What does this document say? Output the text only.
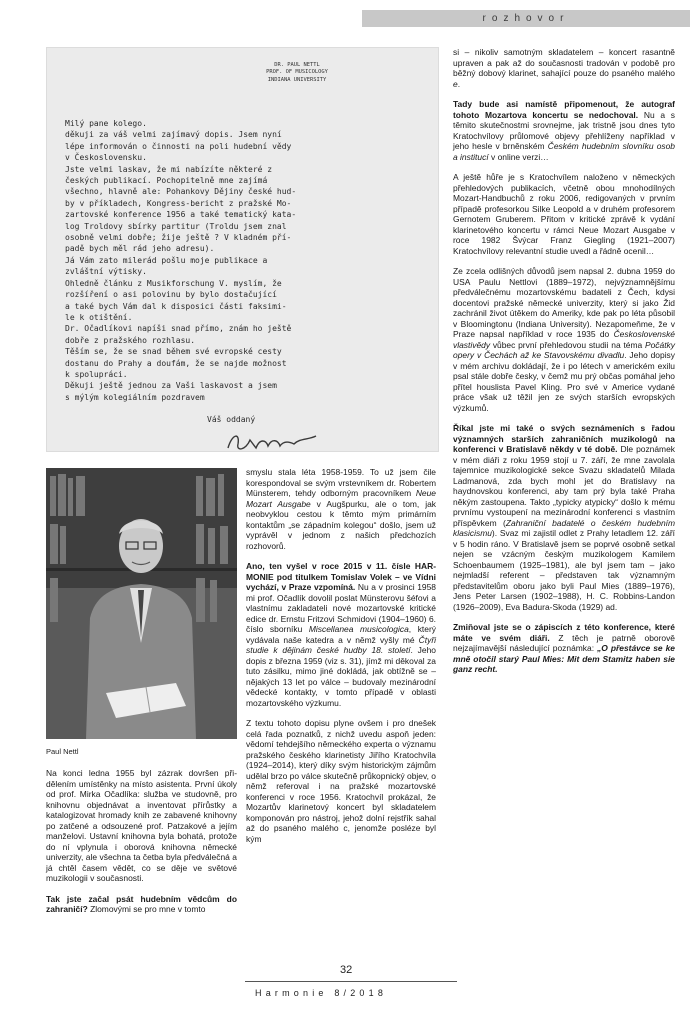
rozhovor
DR. PAUL NETTL
PROF. OF MUSICOLOGY
INDIANA UNIVERSITY
Milý pane kolego.
děkuji za váš velmi zajímavý dopis. Jsem nyní
lépe informován o činnosti na poli hudební vědy
v Československu.
Jste velmi laskav, že mi nabízíte některé z
českých publikací. Pochopitelně mne zajímá
všechno, hlavně ale: Pohankovy Dějiny české hud-
by v příkladech, Kongress-bericht z pražské Mo-
zartovské konference 1956 a také tematický kata-
log Troldovy sbírky partitur (Troldu jsem znal
osobně velmi dobře; žije ještě ? V kladném pří-
padě bych měl rád jeho adresu).
Já Vám zato milerád pošlu moje publikace a
zvláštní výtisky.
Ohledně článku z Musikforschung V. myslím, že
rozšíření o asi polovinu by bylo dostačující
a také bych Vám dal k disposici části faksimi-
le k otištění.
Dr. Očadlíkovi napíši snad přímo, znám ho ještě
dobře z pražského rozhlasu.
Těším se, že se snad během své evropské cesty
dostanu do Prahy a doufám, že se najde možnost
k spolupráci.
Děkuji ještě jednou za Vaši laskavost a jsem
s mýlým kolegiálním pozdravem
Váš oddaný
Paul Nettl

Na konci ledna 1955 byl zázrak dovršen přidělením umístěnky na místo asistenta. První úkoly od prof. Mirka Očadlíka: služba ve studovně, pro knihovnu objednávat a inventovat přírůstky a katalogizovat hromady knih ze zabavené knihovny po zatčené a odsouzené prof. Patzakové a jejím manželovi. Ustavní knihovna byla bohatá, protože do ní vplynula i oborová knihovna německé univerzity, ale všechna ta četba byla předválečná a já chtěl časem vědět, co se děje ve světové muzikologii v současnosti.

Tak jste začal psát hudebním vědcům do zahraničí? Zlomovými se pro mne v tomto

smyslu stala léta 1958-1959. To už jsem čile korespondoval se svým vrstevníkem dr. Robertem Münsterem, tehdy odborným pracovníkem Neue Mozart Ausgabe v Augšpurku, ale o tom, jak neobvyklou cestou k těmto mým primárním kontaktům „se západním kolegou“ došlo, jsem už vyprávěl v jednom z našich předchozích rozhovorů.

Ano, ten vyšel v roce 2015 v 11. čísle HARMONIE pod titulkem Tomislav Volek – ve Vídni vychází, v Praze vzpomíná. Nu a v prosinci 1958 mi prof. Očadlík dovolil poslat Münsterovu šéfovi a vlastnímu zakladateli nové mozartovské kritické edice dr. Ernstu Fritzovi Schmidovi (1904–1960) 6. číslo sborníku Miscellanea musicologica, který vydávala naše katedra a v němž vyšly mé Čtyři studie k dějinám české hudby 18. století. Jeho dopis z března 1959 (viz s. 31), jímž mi děkoval za tuto zásilku, mimo jiné dokládá, jak obtížně se – nějakých 13 let po válce – budovaly mezinárodní vědecké kontakty, v tomto případě v oblasti mozartovského výzkumu.

Z textu tohoto dopisu plyne ovšem i pro dnešek celá řada poznatků, z nichž uvedu aspoň jeden: vědomí tehdejšího německého experta o významu pražského českého klarinetisty Jiřího Kratochvíla (1924–2014), který díky svým historickým zájmům udělal brzo po válce skutečně průkopnický objev, o němž referoval i na pražské mozartovské konferenci v roce 1956. Kratochvíl prokázal, že Mozartův klarinetový koncert byl skladatelem komponován pro nástroj, jehož dolní rejstřík sahal až do psaného malého c, jenomže posléze byl kým

si – nikoliv samotným skladatelem – koncert rasantně upraven a pak až do současnosti tradován v podobě pro běžný dobový klarinet, sahající pouze do psaného malého e.

Tady bude asi namístě připomenout, že autograf tohoto Mozartova koncertu se nedochoval. Nu a s těmito skutečnostmi srovnejme, jak tristně jsou dnes tyto Kratochvílovy průlomové objevy přehlíženy například v jeho hesle v brněnském Českém hudebním slovníku osob a institucí v online verzi…

A ještě hůře je s Kratochvílem naloženo v německých přehledových publikacích, včetně obou mnohodílných Mozart-Handbuchů z roku 2006, redigovaných v prvním případě profesorkou Silke Leopold a v druhém profesorem Gernotem Gruberem. Přitom v kritické zprávě k vydání klarinetového koncertu v rámci Neue Mozart Ausgabe v roce 1982 Švýcar Franz Giegling (1921–2007) Kratochvílovy relevantní studie uvedl a řádně ocenil…

Ze zcela odlišných důvodů jsem napsal 2. dubna 1959 do USA Paulu Nettlovi (1889–1972), nejvýznamnějšímu předválečnému mozartovskému badateli z Čech, kdysi docentovi pražské německé univerzity, který si jako Žid zachránil život útěkem do Ameriky, kde pak po léta působil v Bloomingtonu (Indiana University). Nezapomeňme, že v Praze napsal například v roce 1935 do Československé vlastivědy vůbec první přehledovou studii na téma Počátky opery v Čechách až ke Stavovskému divadlu. Jeho dopisy v mém archivu dokládají, že i po létech v americkém exilu psal stále dobře česky, v čemž mu prý občas pomáhal jeho přítel houslista Pavel Kling. Pro své v Americe vydané práce však už těžil jen ze svých starších evropských výzkumů.

Říkal jste mi také o svých seznámeních s řadou významných starších zahraničních muzikologů na konferenci v Bratislavě někdy v té době. Dle poznámek v mém diáři z roku 1959 stojí u 7. září, že mne zavolala tajemnice muzikologické sekce Svazu skladatelů Milada Ladmanová, zda bych mohl jet do Bratislavy na haydnovskou konferenci, aby tam prý byla také Praha někým zastoupena. Takto „typicky atypicky“ došlo k mému prvnímu vystoupení na mezinárodní konferenci s vlastním příspěvkem (Zahraniční badatelé o českém hudebním klasicismu). Svaz mi zajistil odlet z Prahy letadlem 12. září v 5 hodin ráno. V Bratislavě jsem se poprvé osobně setkal nejen se vzácným českým muzikologem Kamilem Schoenbaumem (1925–1981), ale byl jsem tam – jako nejmladší referent – představen tak významným představitelům oboru jako byli Paul Mies (1889–1976), Jens Peter Larsen (1902–1988), H. C. Robbins-Landon (1926–2009), Eva Badura-Skoda (1929) ad.

Zmiňoval jste se o zápiscích z této konference, které máte ve svém diáři. Z těch je patrně oborově nejzajímavější následující poznámka: „O přestávce se ke mně otočil starý Paul Mies: Mit dem Stamitz haben sie ganz recht.

32
Harmonie 8/2018
